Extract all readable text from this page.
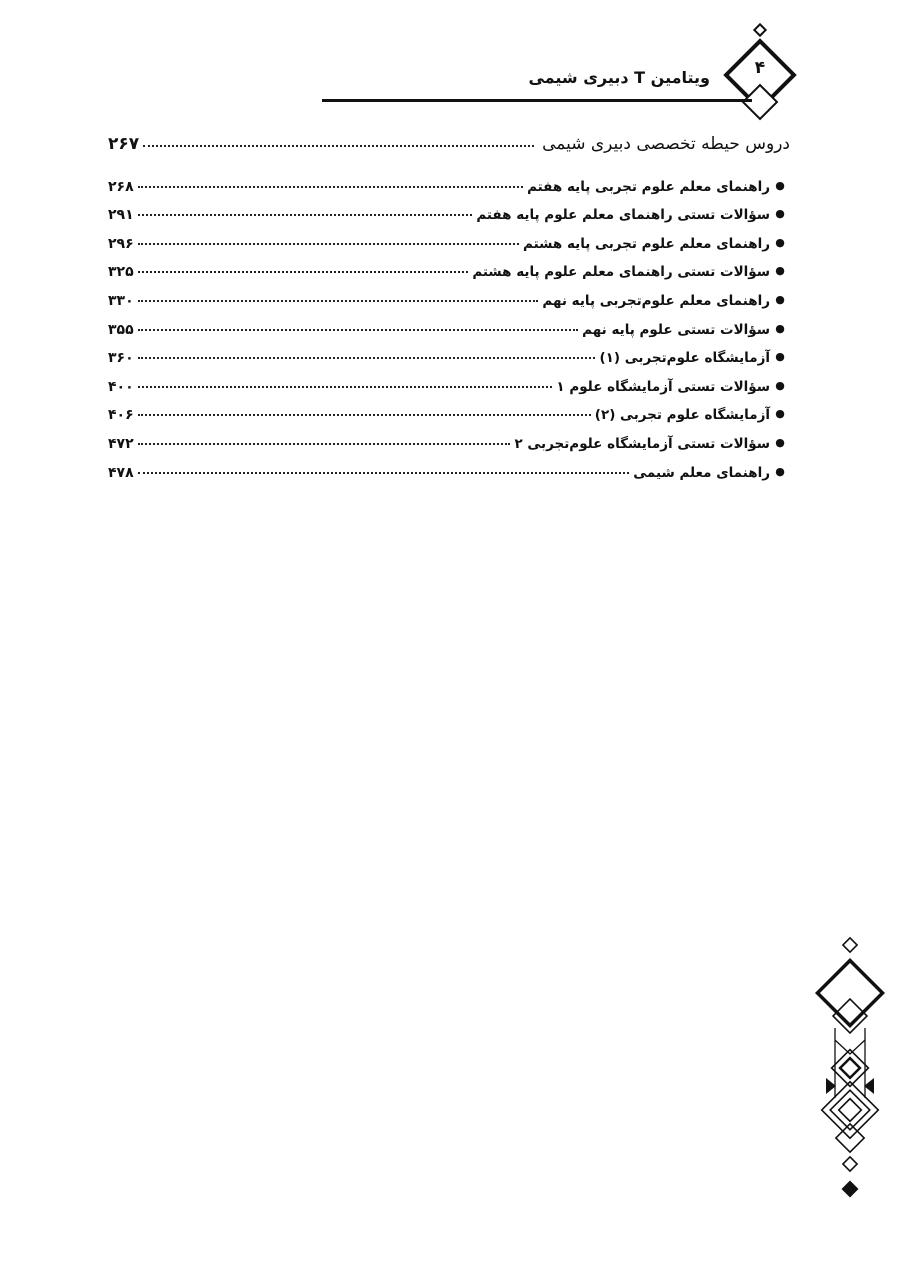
۴
ویتامین T دبیری شیمی
دروس حیطه تخصصی دبیری شیمی
۲۶۷
●
راهنمای معلم علوم تجربی پایه هفتم
۲۶۸
●
سؤالات تستی راهنمای معلم علوم پایه هفتم
۲۹۱
●
راهنمای معلم علوم تجربی پایه هشتم
۲۹۶
●
سؤالات تستی راهنمای معلم علوم پایه هشتم
۳۲۵
●
راهنمای معلم علوم‌تجربی پایه نهم
۳۳۰
●
سؤالات تستی علوم پایه نهم
۳۵۵
●
آزمایشگاه علوم‌تجربی (۱)
۳۶۰
●
سؤالات تستی آزمایشگاه علوم ۱
۴۰۰
●
آزمایشگاه علوم تجربی (۲)
۴۰۶
●
سؤالات تستی آزمایشگاه علوم‌تجربی ۲
۴۷۲
●
راهنمای معلم شیمی
۴۷۸
